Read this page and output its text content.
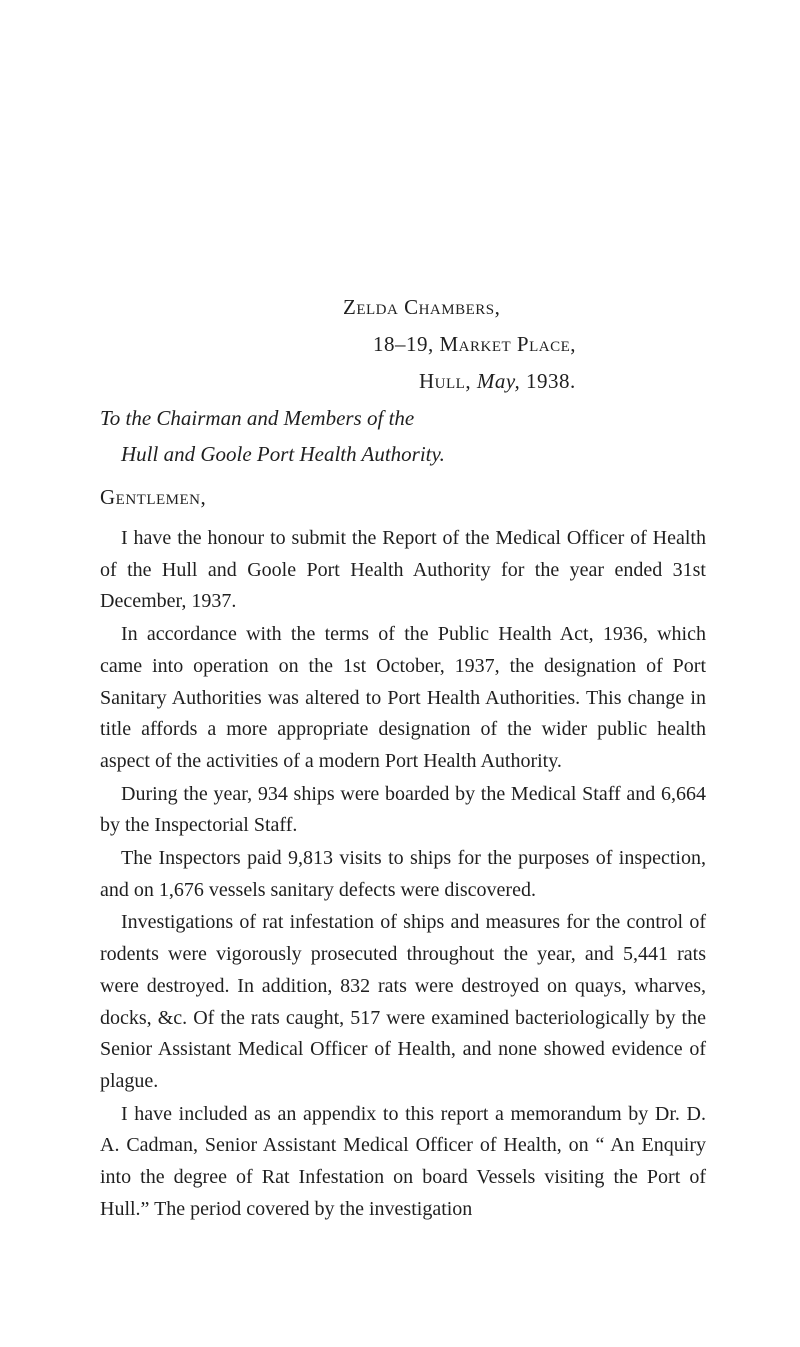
Zelda Chambers,
18–19, Market Place,
Hull, May, 1938.
To the Chairman and Members of the
Hull and Goole Port Health Authority.
Gentlemen,

I have the honour to submit the Report of the Medical Officer of Health of the Hull and Goole Port Health Authority for the year ended 31st December, 1937.

In accordance with the terms of the Public Health Act, 1936, which came into operation on the 1st October, 1937, the designation of Port Sanitary Authorities was altered to Port Health Authorities. This change in title affords a more appropriate designation of the wider public health aspect of the activities of a modern Port Health Authority.

During the year, 934 ships were boarded by the Medical Staff and 6,664 by the Inspectorial Staff.

The Inspectors paid 9,813 visits to ships for the purposes of inspection, and on 1,676 vessels sanitary defects were discovered.

Investigations of rat infestation of ships and measures for the control of rodents were vigorously prosecuted throughout the year, and 5,441 rats were destroyed. In addition, 832 rats were destroyed on quays, wharves, docks, &c. Of the rats caught, 517 were examined bacteriologically by the Senior Assistant Medical Officer of Health, and none showed evidence of plague.

I have included as an appendix to this report a memorandum by Dr. D. A. Cadman, Senior Assistant Medical Officer of Health, on “ An Enquiry into the degree of Rat Infestation on board Vessels visiting the Port of Hull.” The period covered by the investigation
